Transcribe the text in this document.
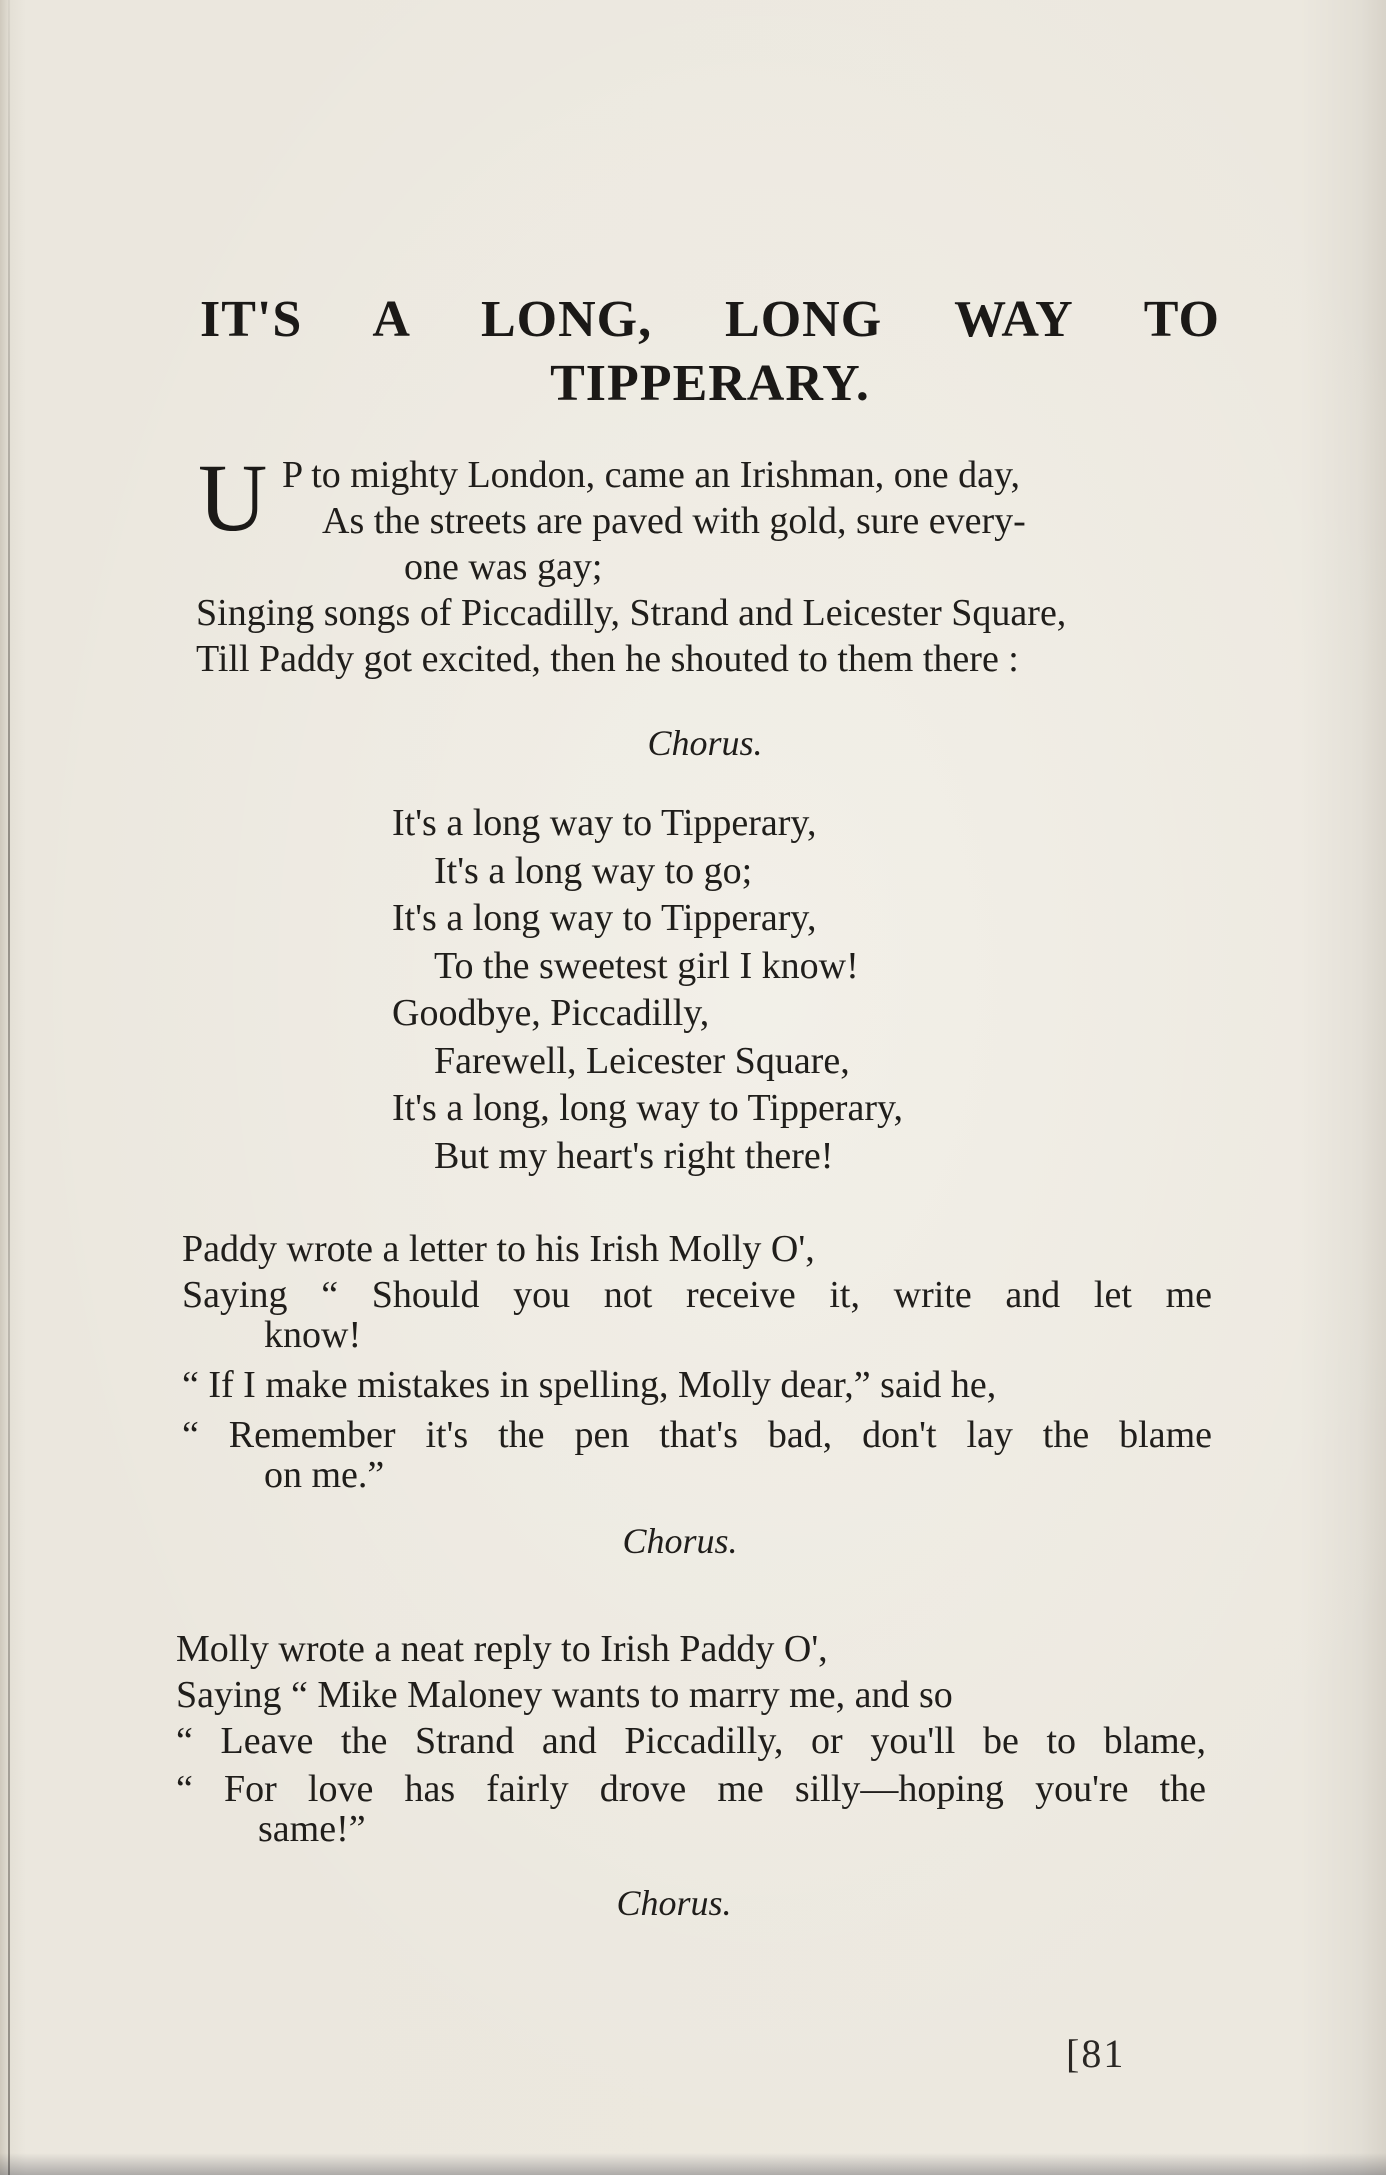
IT'S A LONG, LONG WAY TO
TIPPERARY.
U P to mighty London, came an Irishman, one day,
As the streets are paved with gold, sure every-
one was gay;
Singing songs of Piccadilly, Strand and Leicester Square,
Till Paddy got excited, then he shouted to them there :
Chorus.
It's a long way to Tipperary,
It's a long way to go;
It's a long way to Tipperary,
To the sweetest girl I know!
Goodbye, Piccadilly,
Farewell, Leicester Square,
It's a long, long way to Tipperary,
But my heart's right there!
Paddy wrote a letter to his Irish Molly O',
Saying “ Should you not receive it, write and let me
know!
“ If I make mistakes in spelling, Molly dear,” said he,
“ Remember it's the pen that's bad, don't lay the blame
on me.”
Chorus.
Molly wrote a neat reply to Irish Paddy O',
Saying “ Mike Maloney wants to marry me, and so
“ Leave the Strand and Piccadilly, or you'll be to blame,
“ For love has fairly drove me silly—hoping you're the
same!”
Chorus.
[81
